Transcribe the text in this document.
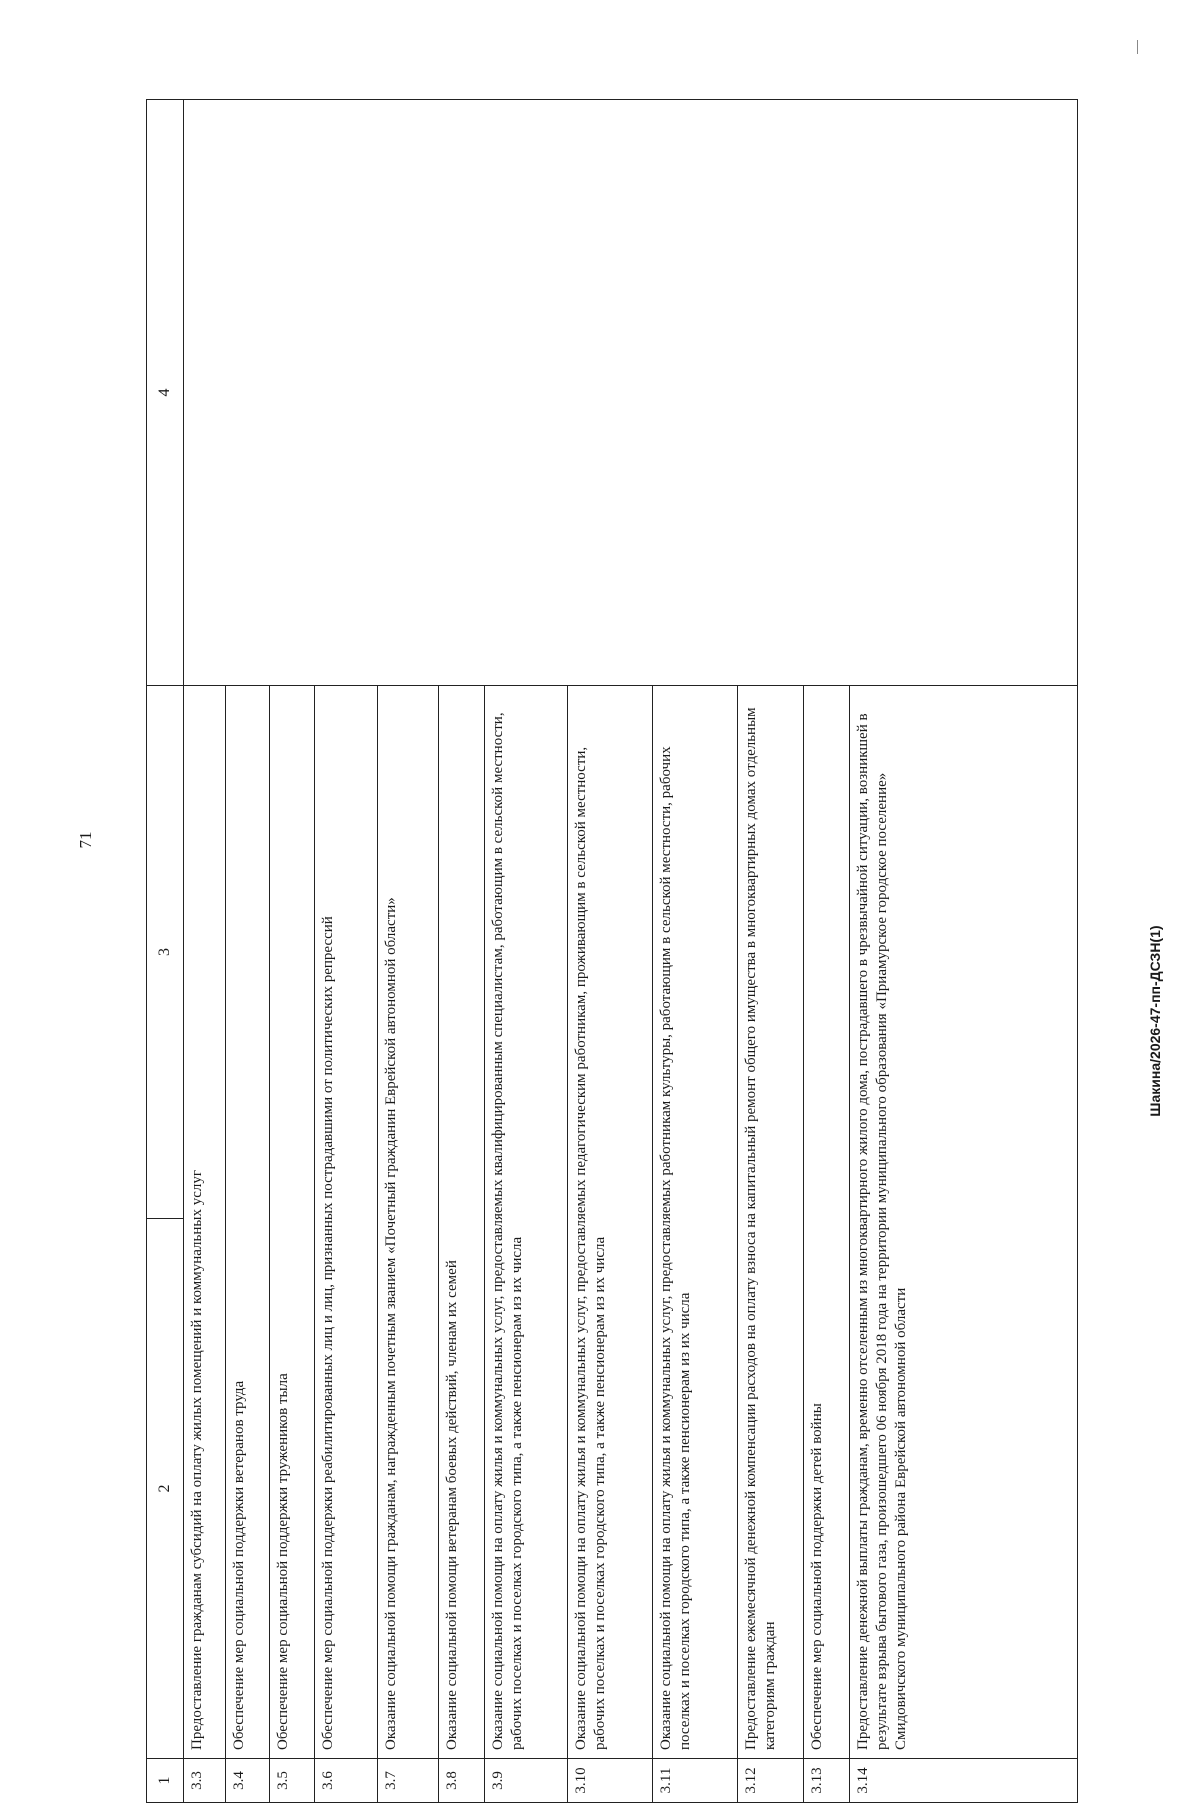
71
Шакина/2026-47-пп-ДСЗН(1)
1	2	3	4
3.3	Предоставление гражданам субсидий на оплату жилых помещений и коммунальных услуг		
3.4	Обеспечение мер социальной поддержки ветеранов труда		
3.5	Обеспечение мер социальной поддержки тружеников тыла		
3.6	Обеспечение мер социальной поддержки реабилитированных лиц и лиц, признанных пострадавшими от политических репрессий		
3.7	Оказание социальной помощи гражданам, награжденным почетным званием «Почетный гражданин Еврейской автономной области»		
3.8	Оказание социальной помощи ветеранам боевых действий, членам их семей		
3.9	Оказание социальной помощи на оплату жилья и коммунальных услуг, предоставляемых квалифицированным специалистам, работающим в сельской местности, рабочих поселках и поселках городского типа, а также пенсионерам из их числа		
3.10	Оказание социальной помощи на оплату жилья и коммунальных услуг, предоставляемых педагогическим работникам, проживающим в сельской местности, рабочих поселках и поселках городского типа, а также пенсионерам из их числа		
3.11	Оказание социальной помощи на оплату жилья и коммунальных услуг, предоставляемых работникам культуры, работающим в сельской местности, рабочих поселках и поселках городского типа, а также пенсионерам из их числа		
3.12	Предоставление ежемесячной денежной компенсации расходов на оплату взноса на капитальный ремонт общего имущества в многоквартирных домах отдельным категориям граждан		
3.13	Обеспечение мер социальной поддержки детей войны		
3.14	Предоставление денежной выплаты гражданам, временно отселенным из многоквартирного жилого дома, пострадавшего в чрезвычайной ситуации, возникшей в результате взрыва бытового газа, произошедшего 06 ноября 2018 года на территории муниципального образования «Приамурское городское поселение» Смидовичского муниципального района Еврейской автономной области		
